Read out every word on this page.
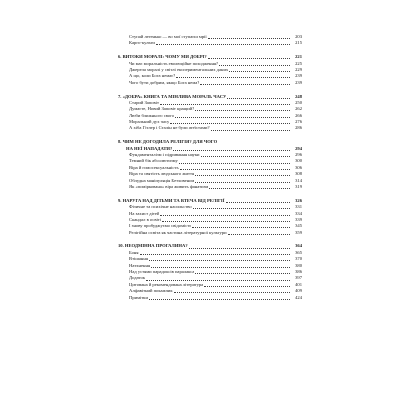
Ступай легенько — во мої ступаєш мрії	203
Карго-культи	215
6. ВИТОКИ МОРАЛІ: ЧОМУ МИ ДОБРІ?	221
Чи має моральність еволюційне походження?	225
Джерела моралі у світлі експериментальних даних	229
А що, коли Бога немає?	239
Чого бути добрим, якщо Бога нема?	239
7. «ДОБРА» КНИГА ТА МІНЛИВА МОРАЛЬ ЧАСУ	248
Старий Заповіт	250
Думаєте, Новий Заповіт кращий?	262
Люби ближнього свого	266
Моральний дух часу	276
А хіба Гітлер і Сталін не були атеїстами?	286
8. ЧИМ НЕ ДОГОДИЛА РЕЛІГІЯ? ДЛЯ ЧОГО
НА НЕЇ НАПАДАТИ?	294
Фундаменталізм і підривання науки	296
Темний бік абсолютизму	300
Віра й гомосексуальність	306
Віра та святість людського життя	308
Облудна маніпуляція Бетховеном	314
Як «поміркована» віра живить фанатизм	319
9. НАРУГА НАД ДІТЬМИ ТА ВТЕЧА ВІД РЕЛІГІЇ	326
Фізичне та психічне насильство	331
На захист дітей	334
Скандал в освіті	339
І знову пробуджуємо свідомість	345
Релігійна освіта як частина літературної культури	359
10. НЕОДМІННА ПРОГАЛИНА?	364
Боня	365
Втішання	370
Натхнення	380
Над устями парадоксів паралакса	386
Додаток	397
Цитована й рекомендована література	401
Алфавітний покажчик	409
Примітки	424
